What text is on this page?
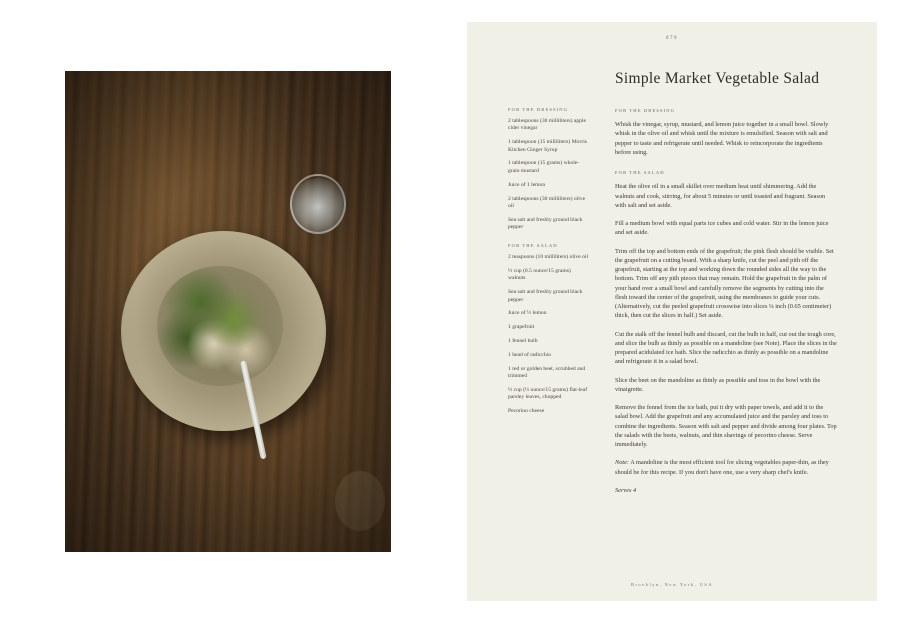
079
Simple Market Vegetable Salad
FOR THE DRESSING
2 tablespoons (30 milliliters) apple cider vinegar
1 tablespoon (15 milliliters) Morris Kitchen Ginger Syrup
1 tablespoon (15 grams) whole-grain mustard
Juice of 1 lemon
2 tablespoons (30 milliliters) olive oil
Sea salt and freshly ground black pepper
FOR THE SALAD
2 teaspoons (10 milliliters) olive oil
½ cup (0.5 ounce/15 grams) walnuts
Sea salt and freshly ground black pepper
Juice of ½ lemon
1 grapefruit
1 fennel bulb
1 head of radicchio
1 red or golden beet, scrubbed and trimmed
½ cup (½ ounce/15 grams) flat-leaf parsley leaves, chopped
Pecorino cheese
FOR THE DRESSING
Whisk the vinegar, syrup, mustard, and lemon juice together in a small bowl. Slowly whisk in the olive oil and whisk until the mixture is emulsified. Season with salt and pepper to taste and refrigerate until needed. Whisk to reincorporate the ingredients before using.
FOR THE SALAD
Heat the olive oil in a small skillet over medium heat until shimmering. Add the walnuts and cook, stirring, for about 5 minutes or until toasted and fragrant. Season with salt and set aside.
Fill a medium bowl with equal parts ice cubes and cold water. Stir in the lemon juice and set aside.
Trim off the top and bottom ends of the grapefruit; the pink flesh should be visible. Set the grapefruit on a cutting board. With a sharp knife, cut the peel and pith off the grapefruit, starting at the top and working down the rounded sides all the way to the bottom. Trim off any pith pieces that may remain. Hold the grapefruit in the palm of your hand over a small bowl and carefully remove the segments by cutting into the flesh toward the center of the grapefruit, using the membranes to guide your cuts. (Alternatively, cut the peeled grapefruit crosswise into slices ¼ inch (0.65 centimeter) thick, then cut the slices in half.) Set aside.
Cut the stalk off the fennel bulb and discard, cut the bulb in half, cut out the tough core, and slice the bulb as thinly as possible on a mandoline (see Note). Place the slices in the prepared acidulated ice bath. Slice the radicchio as thinly as possible on a mandoline and refrigerate it in a salad bowl.
Slice the beet on the mandoline as thinly as possible and toss in the bowl with the vinaigrette.
Remove the fennel from the ice bath, put it dry with paper towels, and add it to the salad bowl. Add the grapefruit and any accumulated juice and the parsley and toss to combine the ingredients. Season with salt and pepper and divide among four plates. Top the salads with the beets, walnuts, and thin shavings of pecorino cheese. Serve immediately.
Note: A mandoline is the most efficient tool for slicing vegetables paper-thin, as they should be for this recipe. If you don't have one, use a very sharp chef's knife.
Serves 4
Brooklyn, New York, USA
